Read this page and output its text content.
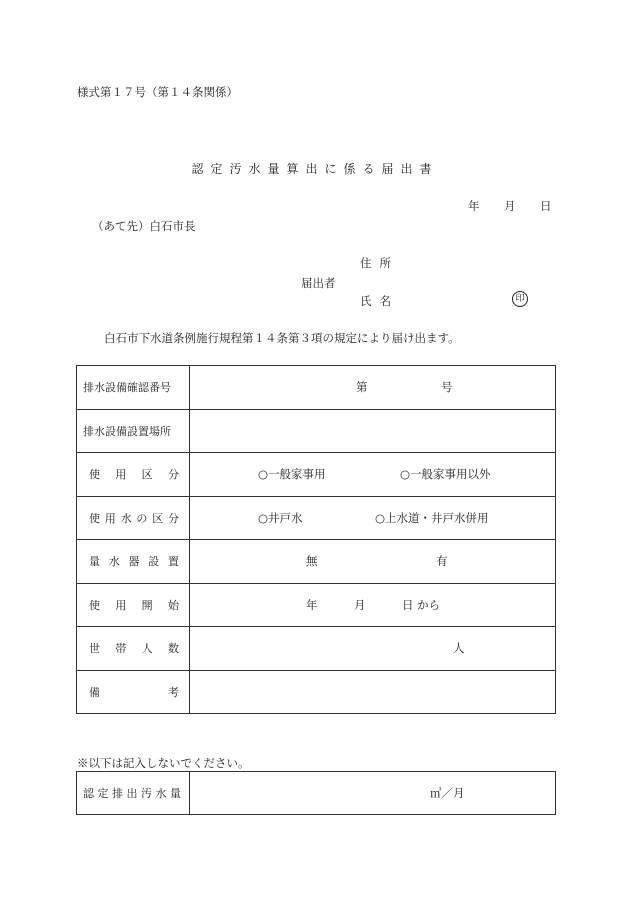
様式第１７号（第１４条関係）
認定汚水量算出に係る届出書
年 月 日
（あて先）白石市長
住所
届出者
氏名	印
白石市下水道条例施行規程第１４条第３項の規定により届け出ます。
排水設備確認番号	第 号

排水設備設置場所	

使用区分	○一般家事用 ○一般家事用以外

使用水の区分	○井戸水 ○上水道・井戸水併用

量水器設置	無 有

使用開始	年 月 日 から

世帯人数	人

備考	

※以下は記入しないでください。
認定排出汚水量	㎥／月
